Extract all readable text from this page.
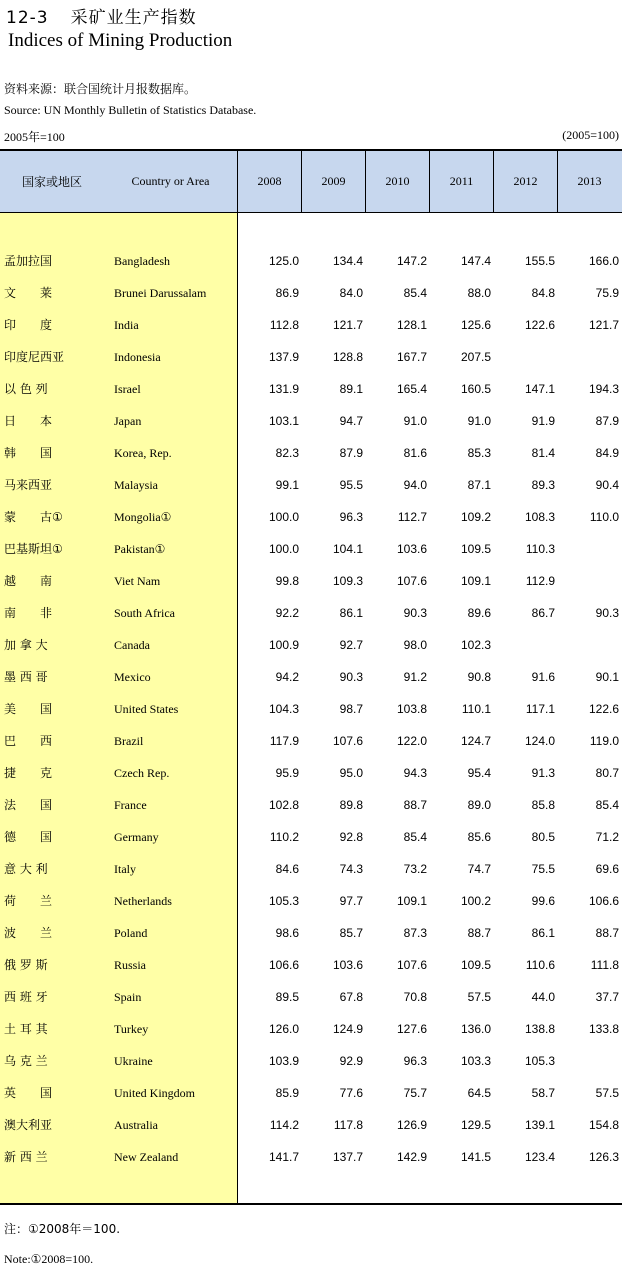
12-3 采矿业生产指数
Indices of Mining Production
资料来源：联合国统计月报数据库。
Source: UN Monthly Bulletin of Statistics Database.
2005年=100	(2005=100)
国家或地区	Country or Area	2008	2009	2010	2011	2012	2013
孟加拉国	Bangladesh	125.0	134.4	147.2	147.4	155.5	166.0
文　　莱	Brunei Darussalam	86.9	84.0	85.4	88.0	84.8	75.9
印　　度	India	112.8	121.7	128.1	125.6	122.6	121.7
印度尼西亚	Indonesia	137.9	128.8	167.7	207.5
以 色 列	Israel	131.9	89.1	165.4	160.5	147.1	194.3
日　　本	Japan	103.1	94.7	91.0	91.0	91.9	87.9
韩　　国	Korea, Rep.	82.3	87.9	81.6	85.3	81.4	84.9
马来西亚	Malaysia	99.1	95.5	94.0	87.1	89.3	90.4
蒙　　古①	Mongolia①	100.0	96.3	112.7	109.2	108.3	110.0
巴基斯坦①	Pakistan①	100.0	104.1	103.6	109.5	110.3
越　　南	Viet Nam	99.8	109.3	107.6	109.1	112.9
南　　非	South Africa	92.2	86.1	90.3	89.6	86.7	90.3
加 拿 大	Canada	100.9	92.7	98.0	102.3
墨 西 哥	Mexico	94.2	90.3	91.2	90.8	91.6	90.1
美　　国	United States	104.3	98.7	103.8	110.1	117.1	122.6
巴　　西	Brazil	117.9	107.6	122.0	124.7	124.0	119.0
捷　　克	Czech Rep.	95.9	95.0	94.3	95.4	91.3	80.7
法　　国	France	102.8	89.8	88.7	89.0	85.8	85.4
德　　国	Germany	110.2	92.8	85.4	85.6	80.5	71.2
意 大 利	Italy	84.6	74.3	73.2	74.7	75.5	69.6
荷　　兰	Netherlands	105.3	97.7	109.1	100.2	99.6	106.6
波　　兰	Poland	98.6	85.7	87.3	88.7	86.1	88.7
俄 罗 斯	Russia	106.6	103.6	107.6	109.5	110.6	111.8
西 班 牙	Spain	89.5	67.8	70.8	57.5	44.0	37.7
土 耳 其	Turkey	126.0	124.9	127.6	136.0	138.8	133.8
乌 克 兰	Ukraine	103.9	92.9	96.3	103.3	105.3
英　　国	United Kingdom	85.9	77.6	75.7	64.5	58.7	57.5
澳大利亚	Australia	114.2	117.8	126.9	129.5	139.1	154.8
新 西 兰	New Zealand	141.7	137.7	142.9	141.5	123.4	126.3
注：①2008年＝100.
Note:①2008=100.
